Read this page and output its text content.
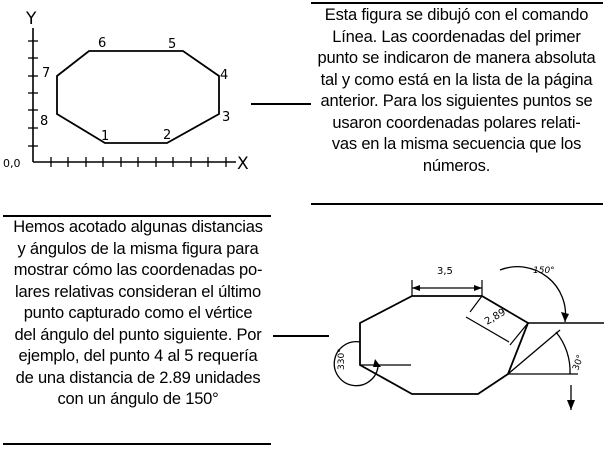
Y
X
0,0
1	2
3
4
5
6
7
8
3,5
2,89
150°
30°
330°
Esta figura se dibujó con el comando
Línea. Las coordenadas del primer
punto se indicaron de manera absoluta
tal y como está en la lista de la página
anterior. Para los siguientes puntos se
usaron coordenadas polares relati-
vas en la misma secuencia que los
números.
Hemos acotado algunas distancias
y ángulos de la misma figura para
mostrar cómo las coordenadas po-
lares relativas consideran el último
punto capturado como el vértice
del ángulo del punto siguiente. Por
ejemplo, del punto 4 al 5 requería
de una distancia de 2.89 unidades
con un ángulo de 150°
